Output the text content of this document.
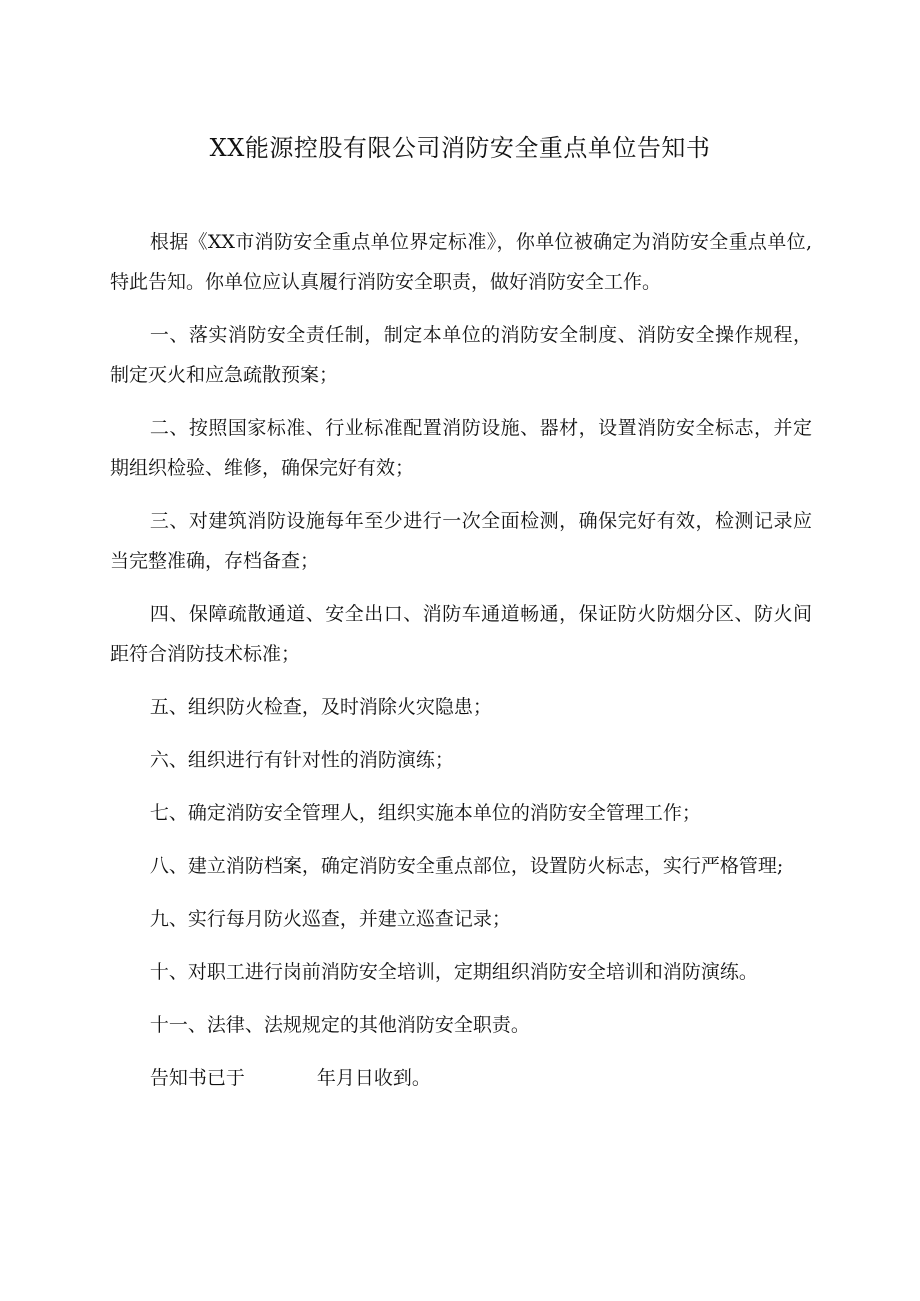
XX能源控股有限公司消防安全重点单位告知书

根据《XX市消防安全重点单位界定标准》，你单位被确定为消防安全重点单位,特此告知。你单位应认真履行消防安全职责，做好消防安全工作。

一、落实消防安全责任制，制定本单位的消防安全制度、消防安全操作规程，制定灭火和应急疏散预案；

二、按照国家标准、行业标准配置消防设施、器材，设置消防安全标志，并定期组织检验、维修，确保完好有效；

三、对建筑消防设施每年至少进行一次全面检测，确保完好有效，检测记录应当完整准确，存档备查；

四、保障疏散通道、安全出口、消防车通道畅通，保证防火防烟分区、防火间距符合消防技术标准；

五、组织防火检查，及时消除火灾隐患；

六、组织进行有针对性的消防演练；

七、确定消防安全管理人，组织实施本单位的消防安全管理工作；

八、建立消防档案，确定消防安全重点部位，设置防火标志，实行严格管理;

九、实行每月防火巡查，并建立巡查记录；

十、对职工进行岗前消防安全培训，定期组织消防安全培训和消防演练。

十一、法律、法规规定的其他消防安全职责。

告知书已于	年月日收到。
